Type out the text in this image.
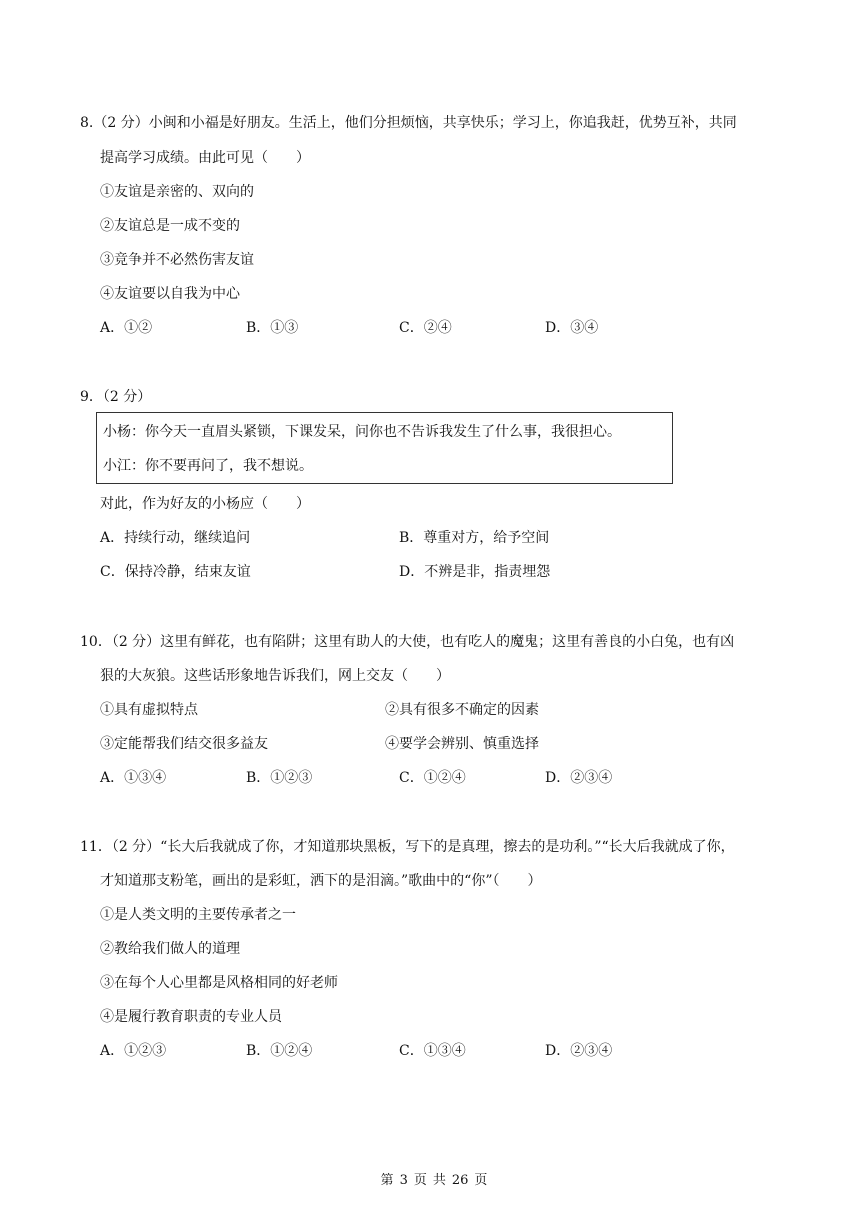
8.（2 分）小闽和小福是好朋友。生活上，他们分担烦恼，共享快乐；学习上，你追我赶，优势互补，共同
提高学习成绩。由此可见（　　）
①友谊是亲密的、双向的
②友谊总是一成不变的
③竞争并不必然伤害友谊
④友谊要以自我为中心
A．①②	B．①③	C．②④	D．③④
9．（2 分）
小杨：你今天一直眉头紧锁，下课发呆，问你也不告诉我发生了什么事，我很担心。
小江：你不要再问了，我不想说。
对此，作为好友的小杨应（　　）
A．持续行动，继续追问	B．尊重对方，给予空间
C．保持冷静，结束友谊	D．不辨是非，指责埋怨
10．（2 分）这里有鲜花，也有陷阱；这里有助人的大使，也有吃人的魔鬼；这里有善良的小白兔，也有凶
狠的大灰狼。这些话形象地告诉我们，网上交友（　　）
①具有虚拟特点	②具有很多不确定的因素
③定能帮我们结交很多益友	④要学会辨别、慎重选择
A．①③④	B．①②③	C．①②④	D．②③④
11．（2 分）“长大后我就成了你，才知道那块黑板，写下的是真理，擦去的是功利。”“长大后我就成了你，
才知道那支粉笔，画出的是彩虹，洒下的是泪滴。”歌曲中的“你”（　　）
①是人类文明的主要传承者之一
②教给我们做人的道理
③在每个人心里都是风格相同的好老师
④是履行教育职责的专业人员
A．①②③	B．①②④	C．①③④	D．②③④
第 3 页 共 26 页
